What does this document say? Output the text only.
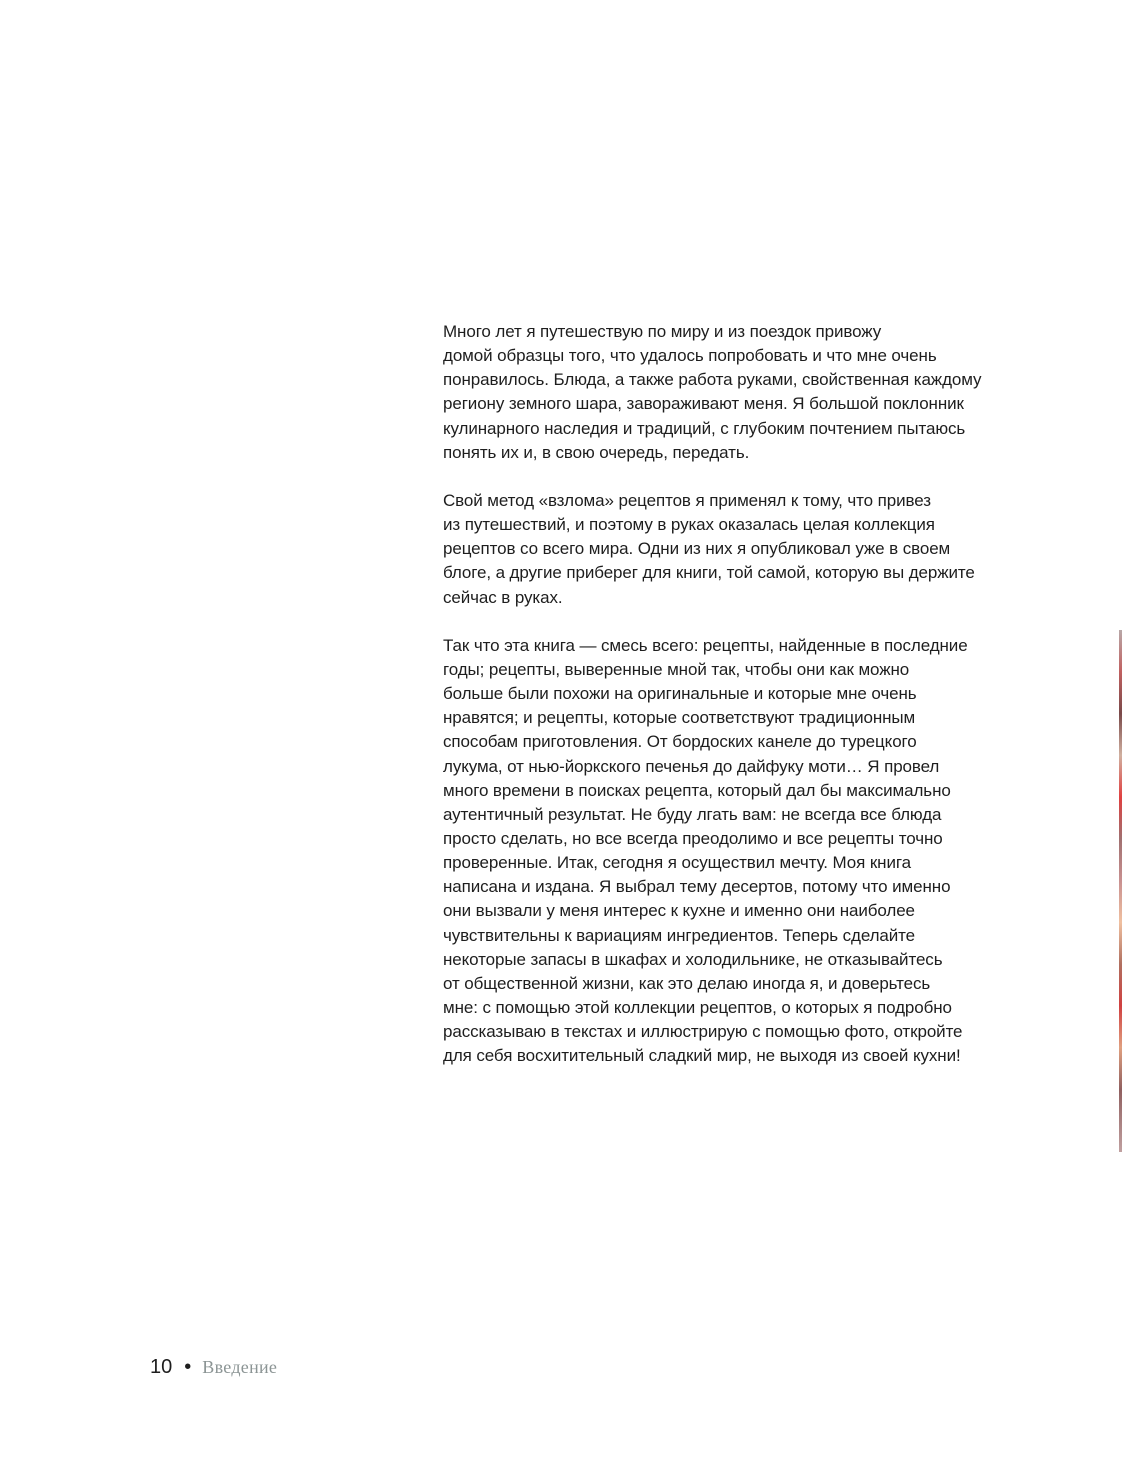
Много лет я путешествую по миру и из поездок привожу
домой образцы того, что удалось попробовать и что мне очень
понравилось. Блюда, а также работа руками, свойственная каждому
региону земного шара, завораживают меня. Я большой поклонник
кулинарного наследия и традиций, с глубоким почтением пытаюсь
понять их и, в свою очередь, передать.

Свой метод «взлома» рецептов я применял к тому, что привез
из путешествий, и поэтому в руках оказалась целая коллекция
рецептов со всего мира. Одни из них я опубликовал уже в своем
блоге, а другие приберег для книги, той самой, которую вы держите
сейчас в руках.

Так что эта книга — смесь всего: рецепты, найденные в последние
годы; рецепты, выверенные мной так, чтобы они как можно
больше были похожи на оригинальные и которые мне очень
нравятся; и рецепты, которые соответствуют традиционным
способам приготовления. От бордоских канеле до турецкого
лукума, от нью-йоркского печенья до дайфуку моти… Я провел
много времени в поисках рецепта, который дал бы максимально
аутентичный результат. Не буду лгать вам: не всегда все блюда
просто сделать, но все всегда преодолимо и все рецепты точно
проверенные. Итак, сегодня я осуществил мечту. Моя книга
написана и издана. Я выбрал тему десертов, потому что именно
они вызвали у меня интерес к кухне и именно они наиболее
чувствительны к вариациям ингредиентов. Теперь сделайте
некоторые запасы в шкафах и холодильнике, не отказывайтесь
от общественной жизни, как это делаю иногда я, и доверьтесь
мне: с помощью этой коллекции рецептов, о которых я подробно
рассказываю в текстах и иллюстрирую с помощью фото, откройте
для себя восхитительный сладкий мир, не выходя из своей кухни!

10 • Введение
